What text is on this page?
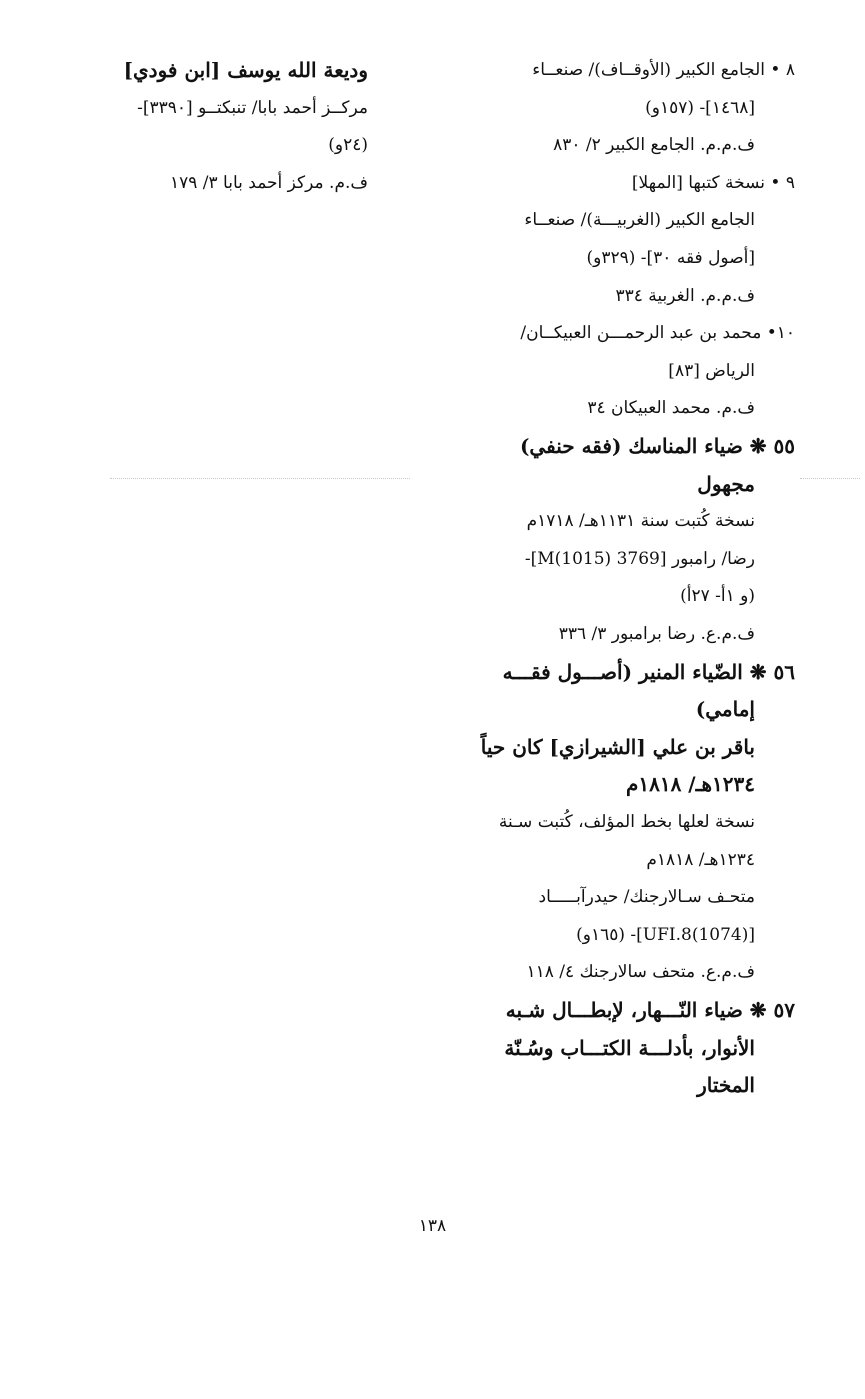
٨ • الجامع الكبير (الأوقــاف)/ صنعــاء
[١٤٦٨]- (١٥٧و)
ف.م.م. الجامع الكبير ٢/ ٨٣٠
٩ • نسخة كتبها [المهلا]
الجامع الكبير (الغربيـــة)/ صنعــاء
[أصول فقه ٣٠]- (٣٢٩و)
ف.م.م. الغربية ٣٣٤
١٠• محمد بن عبد الرحمـــن العبيكــان/
الرياض [٨٣]
ف.م. محمد العبيكان ٣٤
٥٥ ❋ ضياء المناسك (فقه حنفي)
مجهول
نسخة كُتبت سنة ١١٣١هـ/ ١٧١٨م
رضا/ رامبور [3769 M(1015)]-
(و ١أ- ٢٧أ)
ف.م.ع. رضا برامبور ٣/ ٣٣٦
٥٦ ❋ الضّياء المنير (أصـــول فقـــه
إمامي)
باقر بن علي [الشيرازي] كان حياً
١٢٣٤هـ/ ١٨١٨م
نسخة لعلها بخط المؤلف، كُتبت سـنة
١٢٣٤هـ/ ١٨١٨م
متحـف سـالارجنك/ حيدرآبـــــاد
[UFI.8(1074)]- (١٦٥و)
ف.م.ع. متحف سالارجنك ٤/ ١١٨
٥٧ ❋ ضياء النّـــهار، لإبطـــال شـبه
الأنوار، بأدلـــة الكتـــاب وسُـنّة
المختار
وديعة الله يوسف [ابن فودي]
مركــز أحمد بابا/ تنبكتــو [٣٣٩٠]-
(٢٤و)
ف.م. مركز أحمد بابا ٣/ ١٧٩
١٣٨
